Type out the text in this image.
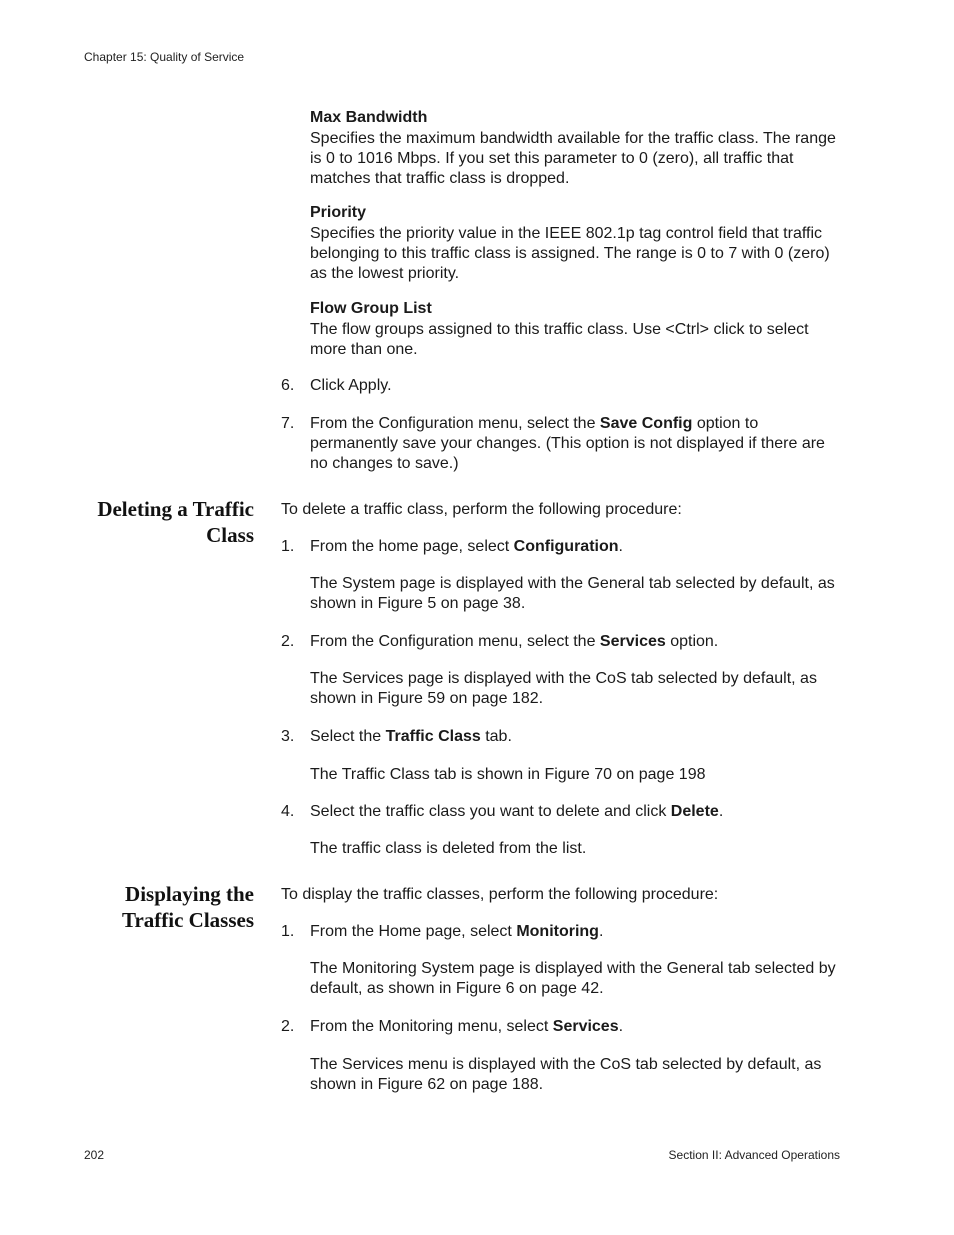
Chapter 15: Quality of Service

Max Bandwidth

Specifies the maximum bandwidth available for the traffic class. The range is 0 to 1016 Mbps. If you set this parameter to 0 (zero), all traffic that matches that traffic class is dropped.

Priority

Specifies the priority value in the IEEE 802.1p tag control field that traffic belonging to this traffic class is assigned. The range is 0 to 7 with 0 (zero) as the lowest priority.

Flow Group List

The flow groups assigned to this traffic class. Use <Ctrl> click to select more than one.

6. Click Apply.
7. From the Configuration menu, select the Save Config option to permanently save your changes. (This option is not displayed if there are no changes to save.)
Deleting a Traffic
Class
To delete a traffic class, perform the following procedure:
1. From the home page, select Configuration.
The System page is displayed with the General tab selected by default, as shown in Figure 5 on page 38.
2. From the Configuration menu, select the Services option.
The Services page is displayed with the CoS tab selected by default, as shown in Figure 59 on page 182.
3. Select the Traffic Class tab.
The Traffic Class tab is shown in Figure 70 on page 198
4. Select the traffic class you want to delete and click Delete.
The traffic class is deleted from the list.
Displaying the
Traffic Classes
To display the traffic classes, perform the following procedure:
1. From the Home page, select Monitoring.
The Monitoring System page is displayed with the General tab selected by default, as shown in Figure 6 on page 42.
2. From the Monitoring menu, select Services.
The Services menu is displayed with the CoS tab selected by default, as shown in Figure 62 on page 188.
202	Section II: Advanced Operations
